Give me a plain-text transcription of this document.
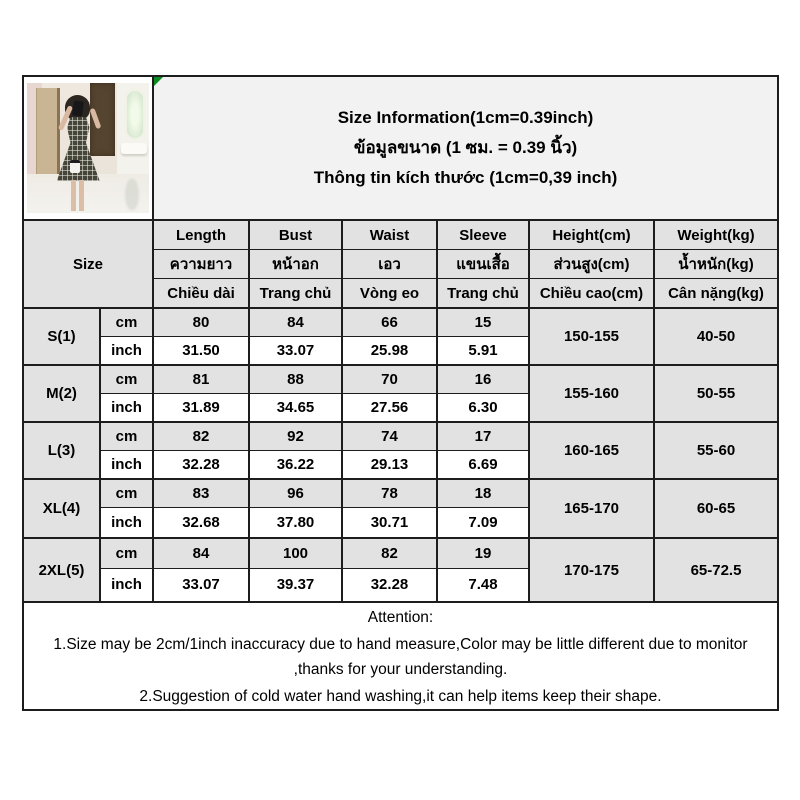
		Size Information(1cm=0.39inch)
ข้อมูลขนาด (1 ซม. = 0.39 นิ้ว)
Thông tin kích thước (1cm=0,39 inch)					

Size		Length	Bust	Waist	Sleeve	Height(cm)	Weight(kg)
		ความยาว	หน้าอก	เอว	แขนเสื้อ	ส่วนสูง(cm)	น้ำหนัก(kg)
		Chiều dài	Trang chủ	Vòng eo	Trang chủ	Chiều cao(cm)	Cân nặng(kg)
S(1)	cm	80	84	66	15	150-155	40-50
	inch	31.50	33.07	25.98	5.91		
M(2)	cm	81	88	70	16	155-160	50-55
	inch	31.89	34.65	27.56	6.30		
L(3)	cm	82	92	74	17	160-165	55-60
	inch	32.28	36.22	29.13	6.69		
XL(4)	cm	83	96	78	18	165-170	60-65
	inch	32.68	37.80	30.71	7.09		
2XL(5)	cm	84	100	82	19	170-175	65-72.5
	inch	33.07	39.37	32.28	7.48		

Attention:
1.Size may be 2cm/1inch inaccuracy due to hand measure,Color may be little different due to monitor ,thanks for your understanding.
2.Suggestion of cold water hand washing,it can help items keep their shape.							
